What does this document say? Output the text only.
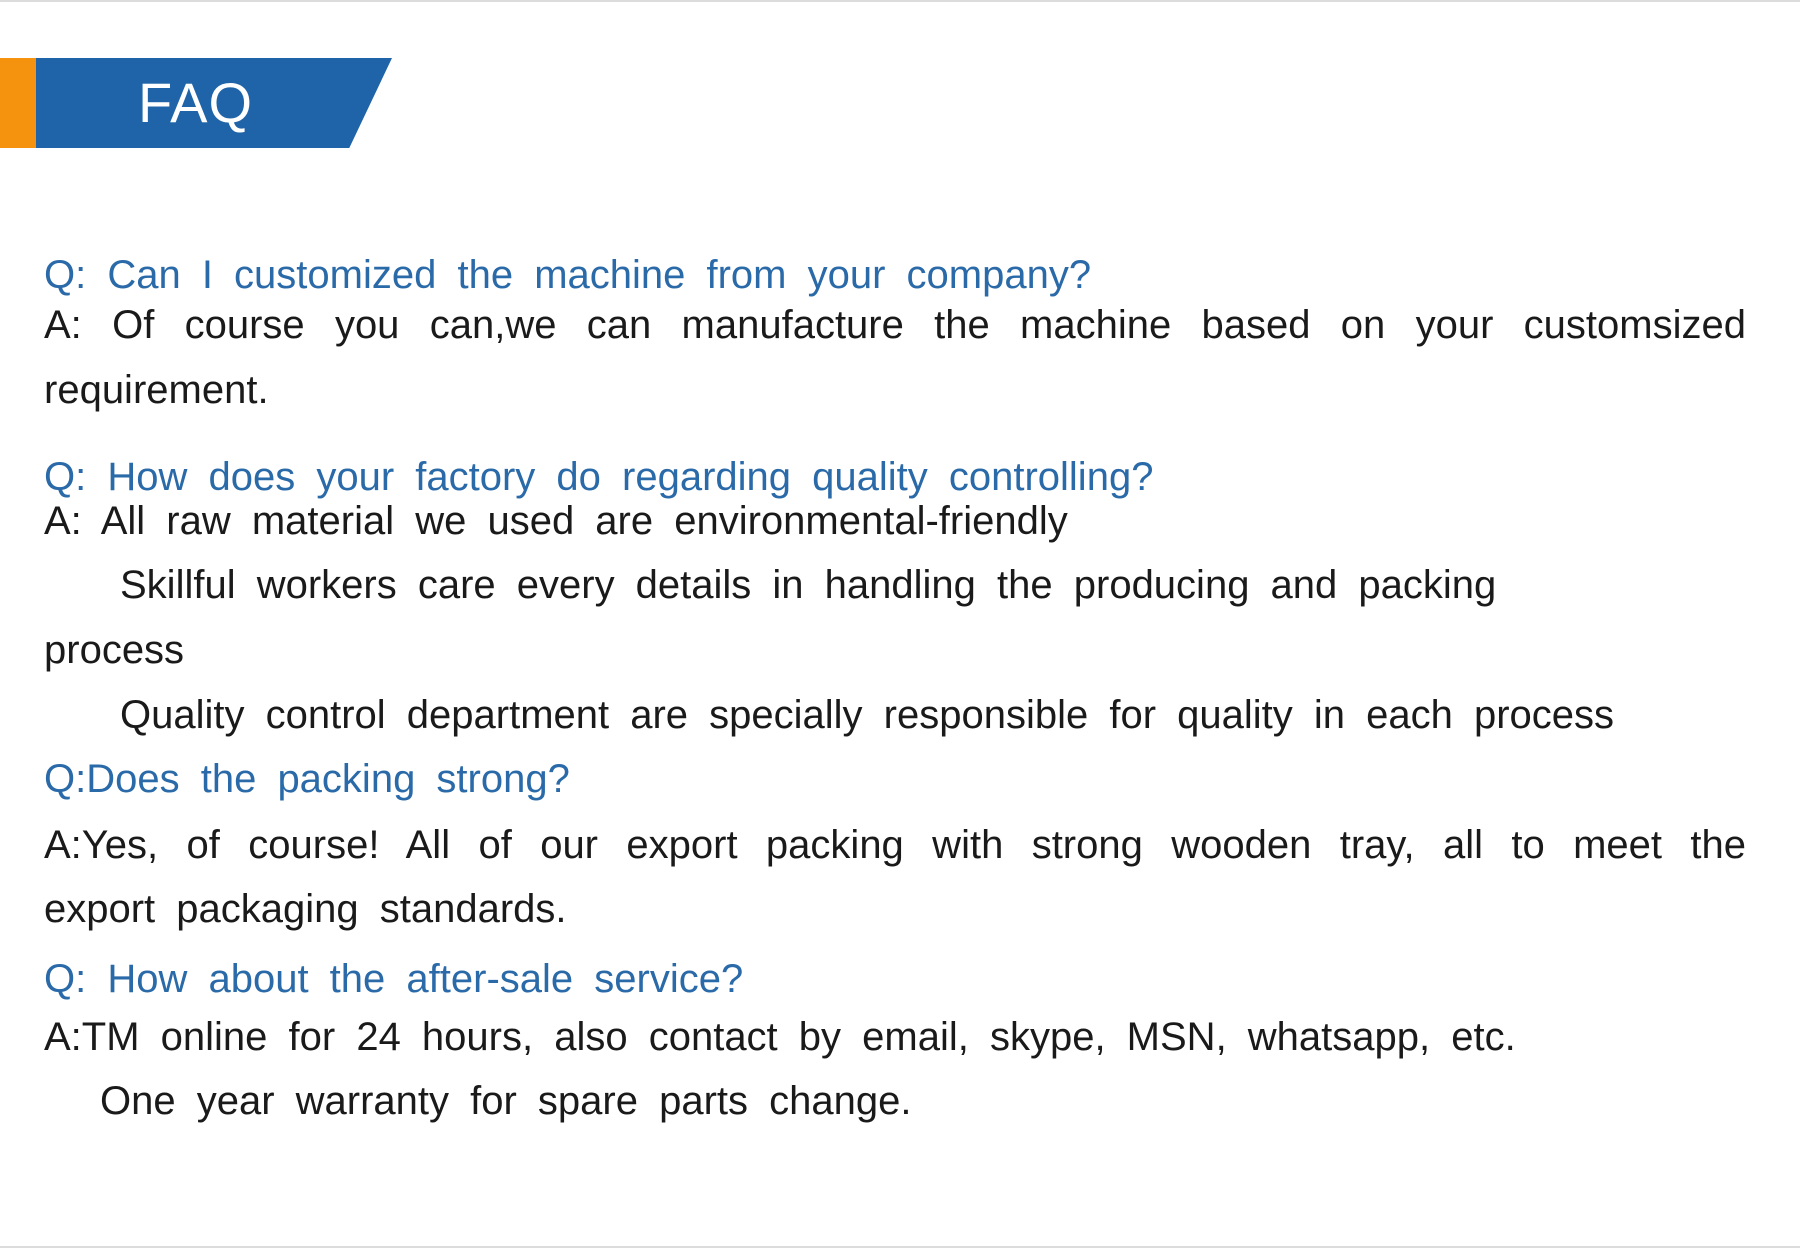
FAQ
Q: Can I customized the machine from your company?
A: Of course you can,we can manufacture the machine based on your customsized
requirement.
Q: How does your factory do regarding quality controlling?
A: All raw material we used are environmental-friendly
Skillful workers care every details in handling the producing and packing
process
Quality control department are specially responsible for quality in each process
Q:Does the packing strong?
A:Yes, of course! All of our export packing with strong wooden tray, all to meet the
export packaging standards.
Q: How about the after-sale service?
A:TM online for 24 hours, also contact by email, skype, MSN, whatsapp, etc.
One year warranty for spare parts change.
